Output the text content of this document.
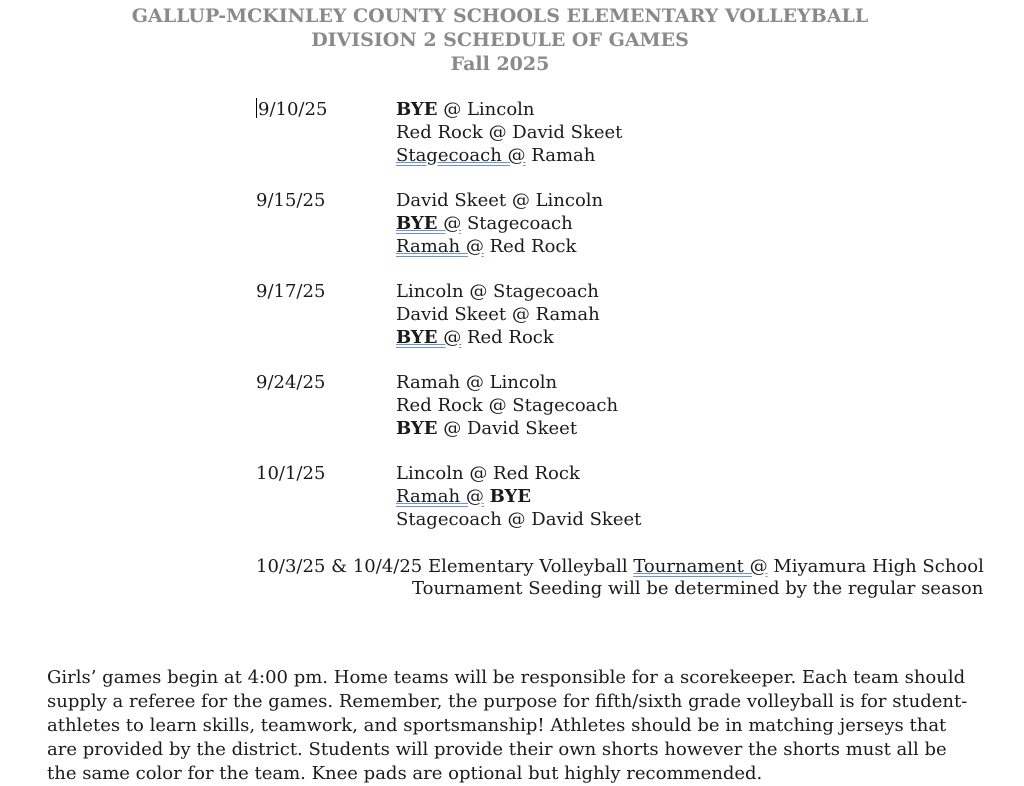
GALLUP-MCKINLEY COUNTY SCHOOLS ELEMENTARY VOLLEYBALL
DIVISION 2 SCHEDULE OF GAMES
Fall 2025
9/10/25	BYE @ Lincoln
Red Rock @ David Skeet
Stagecoach @ Ramah
9/15/25	David Skeet @ Lincoln
BYE @ Stagecoach
Ramah @ Red Rock
9/17/25	Lincoln @ Stagecoach
David Skeet @ Ramah
BYE @ Red Rock
9/24/25	Ramah @ Lincoln
Red Rock @ Stagecoach
BYE @ David Skeet
10/1/25	Lincoln @ Red Rock
Ramah @ BYE
Stagecoach @ David Skeet
10/3/25 & 10/4/25 Elementary Volleyball Tournament @ Miyamura High School
Tournament Seeding will be determined by the regular season
Girls’ games begin at 4:00 pm. Home teams will be responsible for a scorekeeper. Each team should supply a referee for the games. Remember, the purpose for fifth/sixth grade volleyball is for student-athletes to learn skills, teamwork, and sportsmanship! Athletes should be in matching jerseys that are provided by the district. Students will provide their own shorts however the shorts must all be the same color for the team. Knee pads are optional but highly recommended.
